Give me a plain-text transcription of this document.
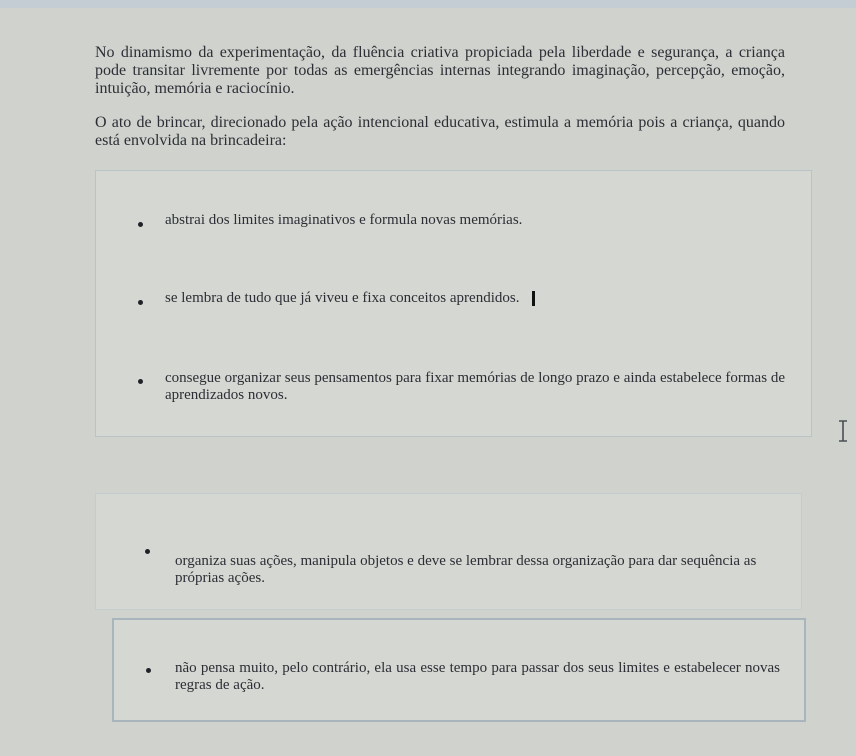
No dinamismo da experimentação, da fluência criativa propiciada pela liberdade e segurança, a criança pode transitar livremente por todas as emergências internas integrando imaginação, percepção, emoção, intuição, memória e raciocínio.
O ato de brincar, direcionado pela ação intencional educativa, estimula a memória pois a criança, quando está envolvida na brincadeira:
abstrai dos limites imaginativos e formula novas memórias.
se lembra de tudo que já viveu e fixa conceitos aprendidos.
consegue organizar seus pensamentos para fixar memórias de longo prazo e ainda estabelece formas de aprendizados novos.
organiza suas ações, manipula objetos e deve se lembrar dessa organização para dar sequência as próprias ações.
não pensa muito, pelo contrário, ela usa esse tempo para passar dos seus limites e estabelecer novas regras de ação.
